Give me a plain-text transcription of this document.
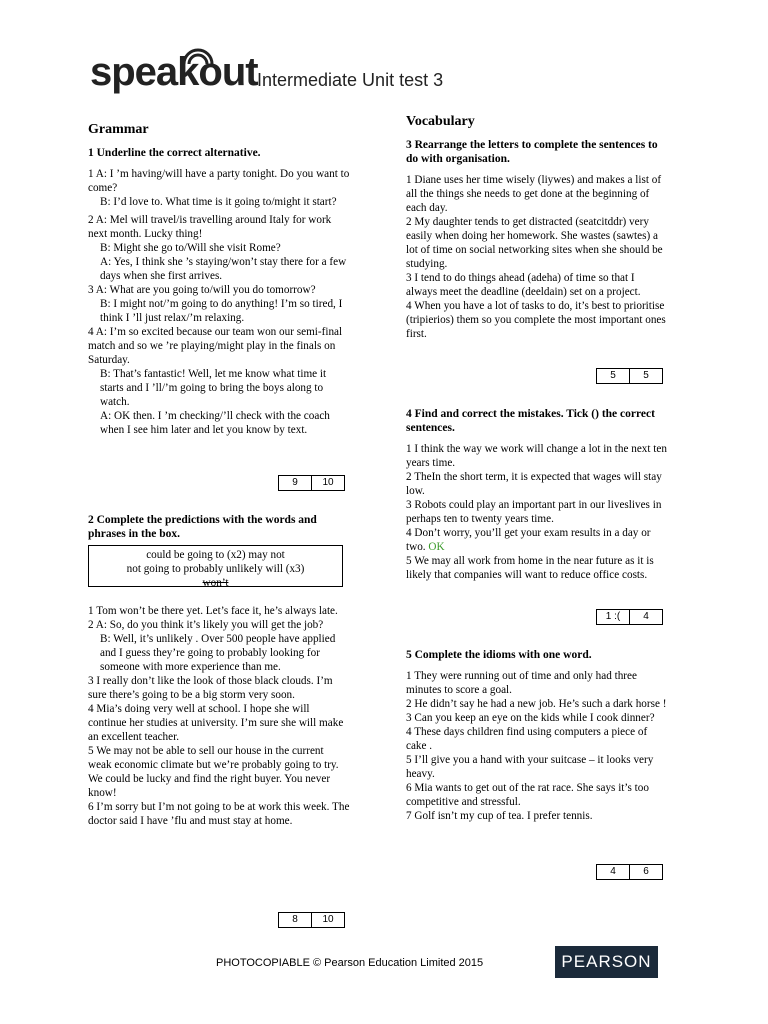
speakout Intermediate Unit test 3
Grammar
1 Underline the correct alternative.
1 A: I ’m having/will have a party tonight. Do you want to come?
B: I’d love to. What time is it going to/might it start?
2 A: Mel will travel/is travelling around Italy for work next month. Lucky thing!
B: Might she go to/Will she visit Rome?
A: Yes, I think she ’s staying/won’t stay there for a few days when she first arrives.
3 A: What are you going to/will you do tomorrow?
B: I might not/’m going to do anything! I’m so tired, I think I ’ll just relax/’m relaxing.
4 A: I’m so excited because our team won our semi-final match and so we ’re playing/might play in the finals on Saturday.
B: That’s fantastic! Well, let me know what time it starts and I ’ll/’m going to bring the boys along to watch.
A: OK then. I ’m checking/’ll check with the coach when I see him later and let you know by text.
9	10
2 Complete the predictions with the words and phrases in the box.
could be going to (x2) may not
not going to probably unlikely will (x3)
won’t
1 Tom won’t be there yet. Let’s face it, he’s always late.
2 A: So, do you think it’s likely you will get the job?
B: Well, it’s unlikely . Over 500 people have applied and I guess they’re going to probably looking for someone with more experience than me.
3 I really don’t like the look of those black clouds. I’m sure there’s going to be a big storm very soon.
4 Mia’s doing very well at school. I hope she will continue her studies at university. I’m sure she will make an excellent teacher.
5 We may not be able to sell our house in the current weak economic climate but we’re probably going to try. We could be lucky and find the right buyer. You never know!
6 I’m sorry but I’m not going to be at work this week. The doctor said I have ’flu and must stay at home.
8	10
Vocabulary
3 Rearrange the letters to complete the sentences to do with organisation.
1 Diane uses her time wisely (liywes) and makes a list of all the things she needs to get done at the beginning of each day.
2 My daughter tends to get distracted (seatcitddr) very easily when doing her homework. She wastes (sawtes) a lot of time on social networking sites when she should be studying.
3 I tend to do things ahead (adeha) of time so that I always meet the deadline (deeldain) set on a project.
4 When you have a lot of tasks to do, it’s best to prioritise (tripierios) them so you complete the most important ones first.
5	5
4 Find and correct the mistakes. Tick () the correct sentences.
1 I think the way we work will change a lot in the next ten years time.
2 TheIn the short term, it is expected that wages will stay low.
3 Robots could play an important part in our liveslives in perhaps ten to twenty years time.
4 Don’t worry, you’ll get your exam results in a day or two. OK
5 We may all work from home in the near future as it is likely that companies will want to reduce office costs.
1 :(	4
5 Complete the idioms with one word.
1 They were running out of time and only had three minutes to score a goal.
2 He didn’t say he had a new job. He’s such a dark horse !
3 Can you keep an eye on the kids while I cook dinner?
4 These days children find using computers a piece of cake .
5 I’ll give you a hand with your suitcase – it looks very heavy.
6 Mia wants to get out of the rat race. She says it’s too competitive and stressful.
7 Golf isn’t my cup of tea. I prefer tennis.
4	6
PHOTOCOPIABLE © Pearson Education Limited 2015	PEARSON
